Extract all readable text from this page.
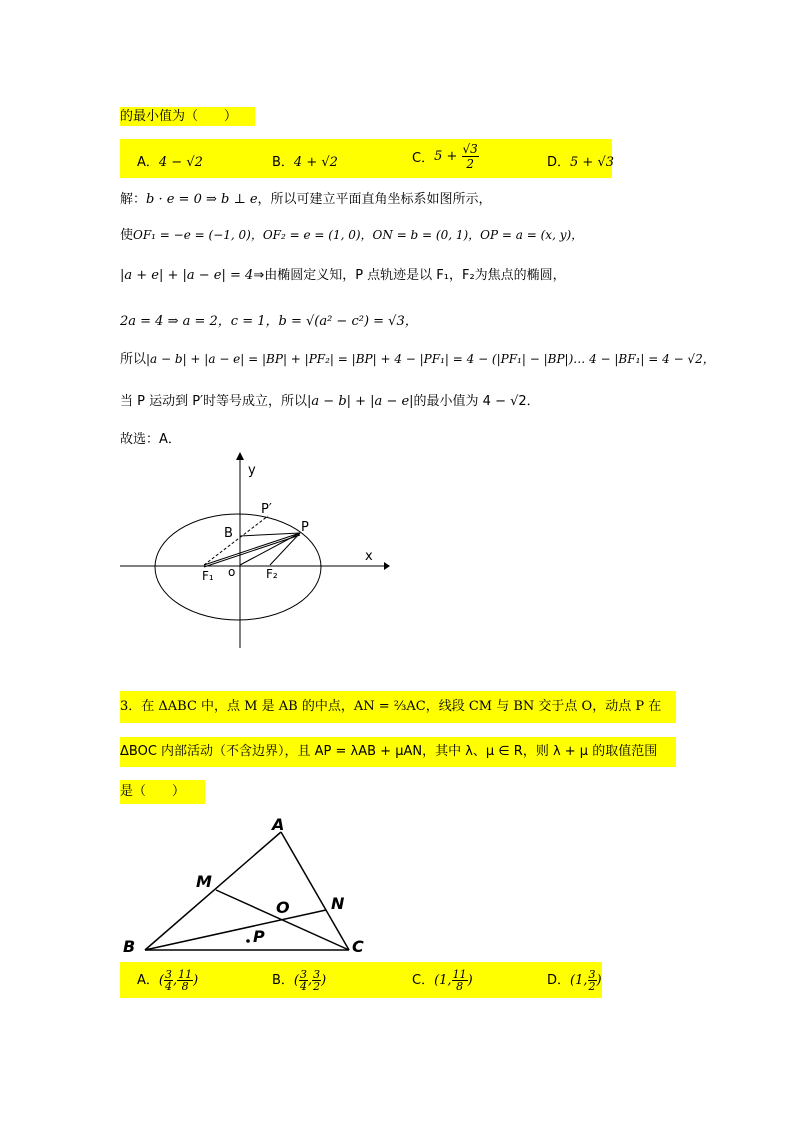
的最小值为（　　）
A．4 − √2	B．4 + √2	C．$5 + \frac{√3}{2}$	D．5 + √3
解：b · e = 0 ⇒ b ⊥ e，所以可建立平面直角坐标系如图所示，
使OF₁ = −e = (−1, 0)，OF₂ = e = (1, 0)，ON = b = (0, 1)，OP = a = (x, y)，
|a + e| + |a − e| = 4⇒由椭圆定义知，P 点轨迹是以 F₁，F₂为焦点的椭圆，
2a = 4 ⇒ a = 2，c = 1，b = √(a² − c²) = √3，
所以|a − b| + |a − e| = |BP| + |PF₂| = |BP| + 4 − |PF₁| = 4 − (|PF₁| − |BP|)… 4 − |BF₁| = 4 − √2，
当 P 运动到 P′时等号成立，所以|a − b| + |a − e|的最小值为 4 − √2．
故选：A．
y
x
P′
P
B
F₁ o	F₂
3．在 ΔABC 中，点 M 是 AB 的中点，AN = ⅔AC，线段 CM 与 BN 交于点 O，动点 P 在
ΔBOC 内部活动（不含边界），且 AP = λAB + μAN，其中 λ、μ ∈ R，则 λ + μ 的取值范围
是（　　）
A
M
N
O
P
B	C
A．( $\frac{3}{4}$ , $\frac{11}{8}$ )	B．( $\frac{3}{4}$ , $\frac{3}{2}$ )	C．(1, $\frac{11}{8}$ )	D．(1, $\frac{3}{2}$ )
